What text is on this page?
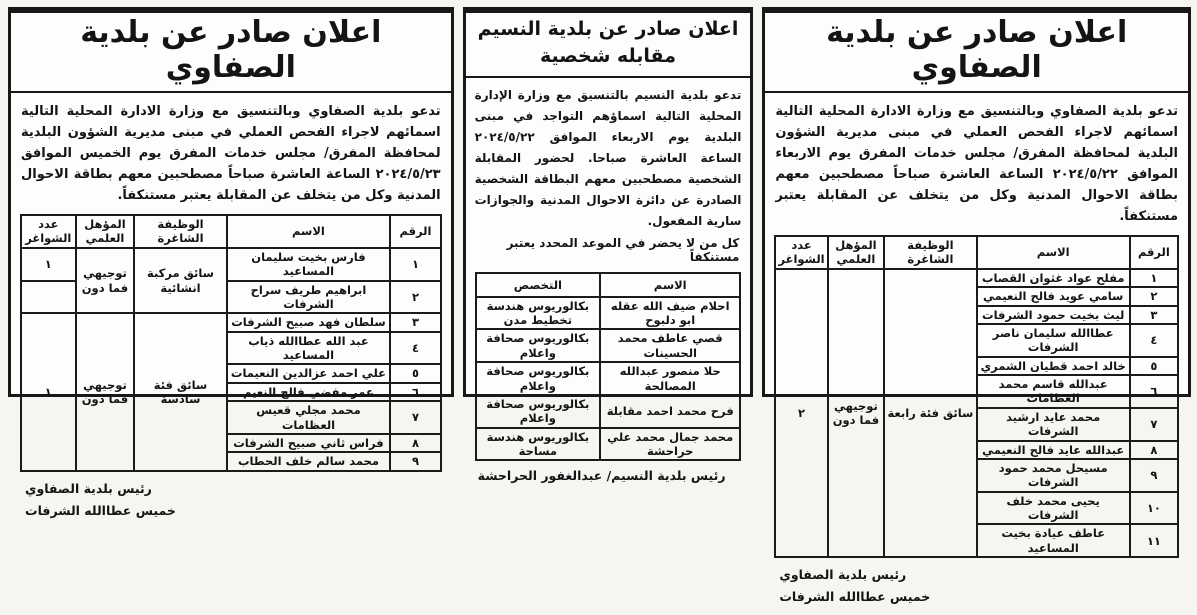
اعلان صادر عن بلدية الصفاوي

تدعو بلدية الصفاوي وبالتنسيق مع وزارة الادارة المحلية التالية اسمائهم لاجراء الفحص العملي في مبنى مديرية الشؤون البلدية لمحافظة المفرق/ مجلس خدمات المفرق يوم الاربعاء الموافق ٢٠٢٤/٥/٢٢ الساعة العاشرة صباحاً مصطحبين معهم بطاقة الاحوال المدنية وكل من يتخلف عن المقابلة يعتبر مستنكفاً.

الرقم	الاسم	الوظيفة الشاغرة	المؤهل العلمي	عدد الشواغر
١	مفلح عواد غثوان القصاب	سائق فئة رابعة	توجيهي فما دون	٢
٢	سامي عويد فالح النعيمي			
٣	ليث بخيت حمود الشرفات			
٤	عطاالله سليمان ناصر الشرفات			
٥	خالد احمد قطيان الشمري			
٦	عبدالله قاسم محمد العظامات			
٧	محمد عايد ارشيد الشرفات			
٨	عبدالله عايد فالح النعيمي			
٩	مسيحل محمد حمود الشرفات			
١٠	يحيى محمد خلف الشرفات			
١١	عاطف عيادة بخيت المساعيد			
رئيس بلدية الصفاوي
خميس عطاالله الشرفات
اعلان صادر عن بلدية النسيم
مقابله شخصية

تدعو بلدية النسيم بالتنسيق مع وزارة الإدارة المحلية التالية اسماؤهم التواجد في مبنى البلدية يوم الاربعاء الموافق ٢٠٢٤/٥/٢٢ الساعة العاشرة صباحا. لحضور المقابلة الشخصية مصطحبين معهم البطاقة الشخصية الصادرة عن دائرة الاحوال المدنية والجوازات سارية المفعول.

كل من لا يحضر في الموعد المحدد يعتبر مستنكفاً

الاسم	التخصص
احلام ضيف الله عقله ابو دلبوح	بكالوريوس هندسة تخطيط مدن
قصي عاطف محمد الحسينات	بكالوريوس صحافة واعلام
حلا منصور عبدالله المصالحة	بكالوريوس صحافة واعلام
فرح محمد احمد مقابلة	بكالوريوس صحافة واعلام
محمد جمال محمد علي حراحشة	بكالوريوس هندسة مساحة
رئيس بلدية النسيم/ عبدالغفور الحراحشة
اعلان صادر عن بلدية الصفاوي

تدعو بلدية الصفاوي وبالتنسيق مع وزارة الادارة المحلية التالية اسمائهم لاجراء الفحص العملي في مبنى مديرية الشؤون البلدية لمحافظة المفرق/ مجلس خدمات المفرق يوم الخميس الموافق ٢٠٢٤/٥/٢٣ الساعة العاشرة صباحاً مصطحبين معهم بطاقة الاحوال المدنية وكل من يتخلف عن المقابلة يعتبر مستنكفاً.

الرقم	الاسم	الوظيفة الشاغرة	المؤهل العلمي	عدد الشواغر
١	فارس بخيت سليمان المساعيد	سائق مركبة انشائية	توجيهي فما دون	١
٢	ابراهيم طريف سراح الشرفات			
٣	سلطان فهد صبيح الشرفات	سائق فئة سادسة	توجيهي فما دون	١
٤	عبد الله عطاالله ذياب المساعيد			
٥	علي احمد عزالدين النعيمات			
٦	عمر مفضي فالح النعيم			
٧	محمد مجلي قعيس العظامات			
٨	فراس ثاني صبيح الشرفات			
٩	محمد سالم خلف الحطاب			
رئيس بلدية الصفاوي
خميس عطاالله الشرفات
